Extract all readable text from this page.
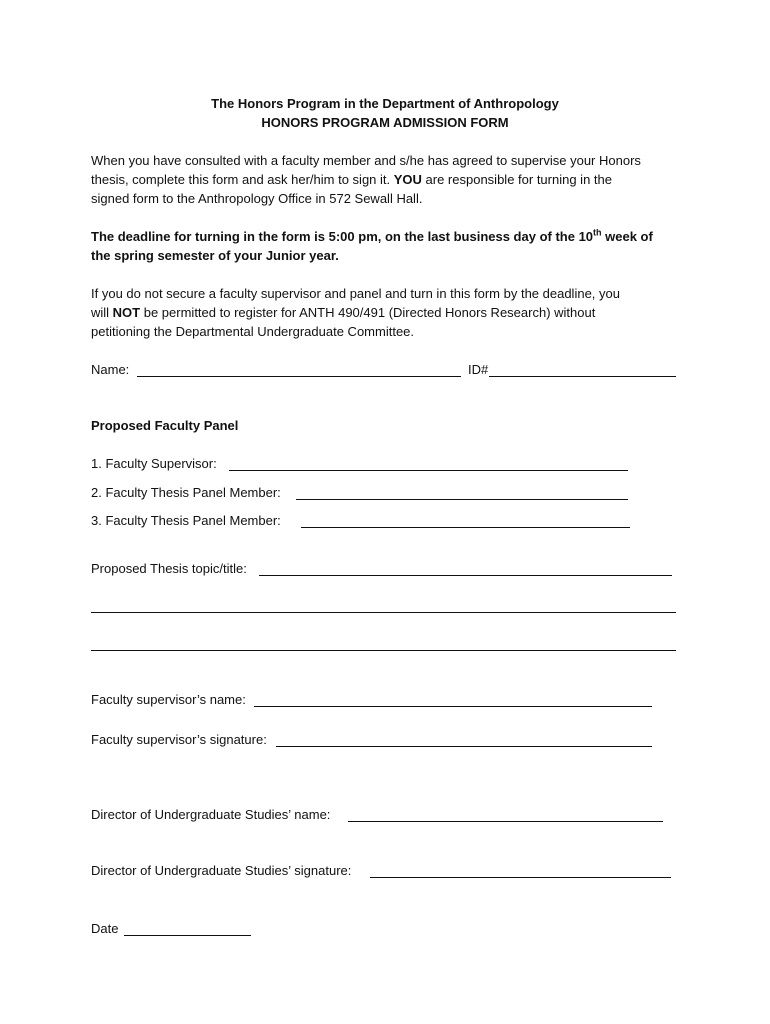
The Honors Program in the Department of Anthropology
HONORS PROGRAM ADMISSION FORM
When you have consulted with a faculty member and s/he has agreed to supervise your Honors
thesis, complete this form and ask her/him to sign it. YOU are responsible for turning in the
signed form to the Anthropology Office in 572 Sewall Hall.
The deadline for turning in the form is 5:00 pm, on the last business day of the 10th week of
the spring semester of your Junior year.
If you do not secure a faculty supervisor and panel and turn in this form by the deadline, you
will NOT be permitted to register for ANTH 490/491 (Directed Honors Research) without
petitioning the Departmental Undergraduate Committee.
Name:	ID#
Proposed Faculty Panel
1. Faculty Supervisor:
2. Faculty Thesis Panel Member:
3. Faculty Thesis Panel Member:
Proposed Thesis topic/title:
Faculty supervisor’s name:
Faculty supervisor’s signature:
Director of Undergraduate Studies’ name:
Director of Undergraduate Studies’ signature:
Date
